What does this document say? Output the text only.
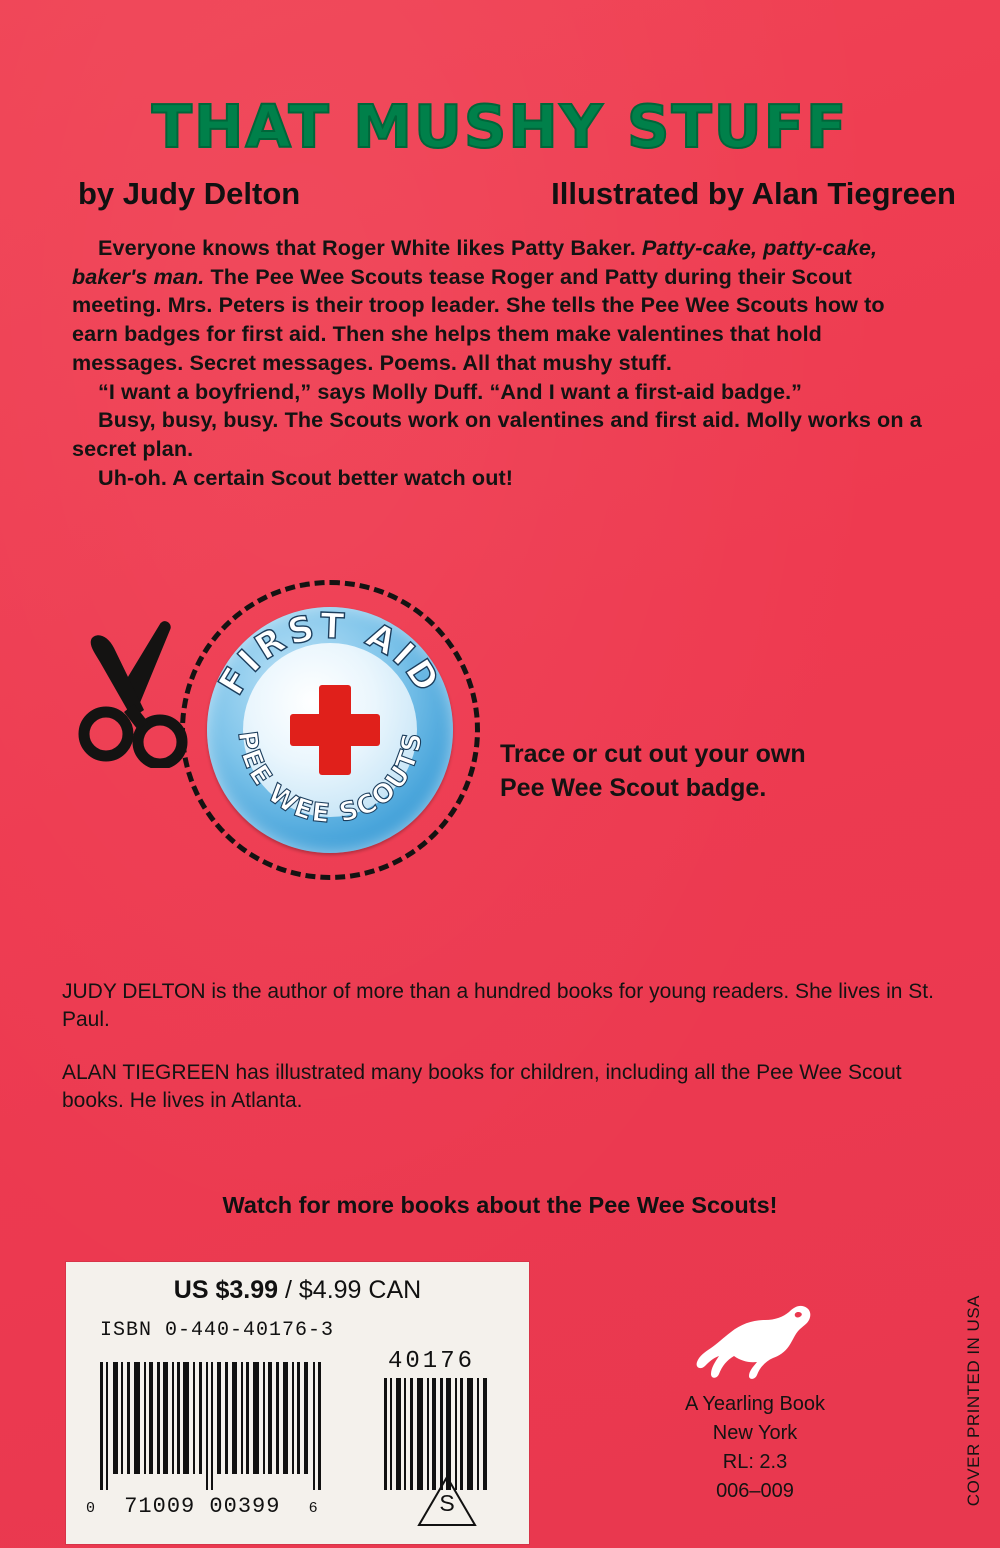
THAT MUSHY STUFF
by Judy Delton	Illustrated by Alan Tiegreen

Everyone knows that Roger White likes Patty Baker. Patty-cake, patty-cake, baker's man. The Pee Wee Scouts tease Roger and Patty during their Scout meeting. Mrs. Peters is their troop leader. She tells the Pee Wee Scouts how to earn badges for first aid. Then she helps them make valentines that hold messages. Secret messages. Poems. All that mushy stuff.

“I want a boyfriend,” says Molly Duff. “And I want a first-aid badge.”

Busy, busy, busy. The Scouts work on valentines and first aid. Molly works on a secret plan.

Uh-oh. A certain Scout better watch out!

FIRST AID
PEE WEE SCOUTS	Trace or cut out your own
Pee Wee Scout badge.

JUDY DELTON is the author of more than a hundred books for young readers. She lives in St. Paul.

ALAN TIEGREEN has illustrated many books for children, including all the Pee Wee Scout books. He lives in Atlanta.

Watch for more books about the Pee Wee Scouts!
US $3.99 / $4.99 CAN
ISBN 0-440-40176-3
40176
0 71009 00399 6	S
A Yearling Book
New York
RL: 2.3
006–009	COVER PRINTED IN USA
